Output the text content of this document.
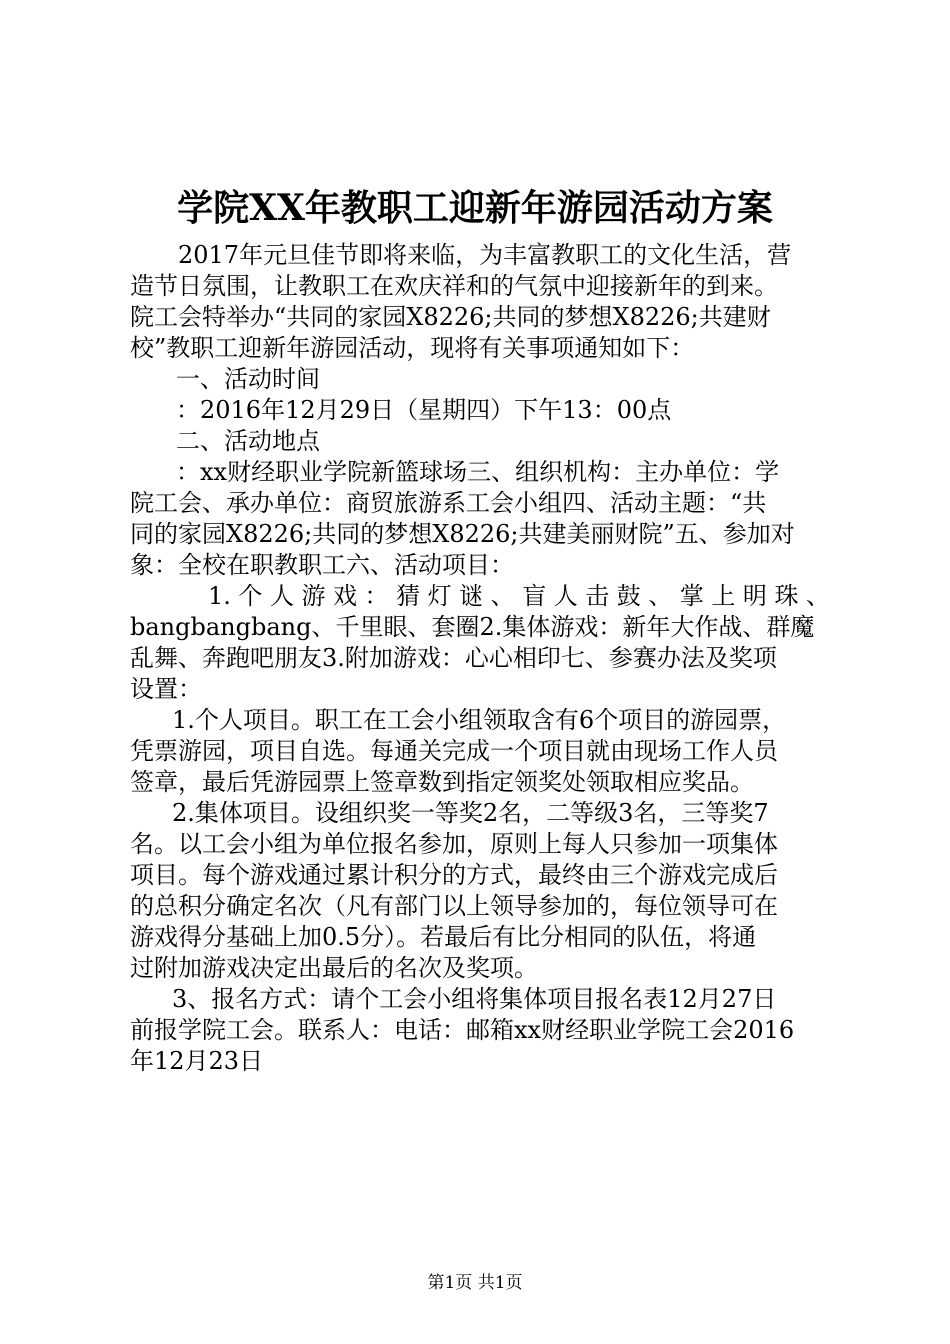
学院XX年教职工迎新年游园活动方案
2017年元旦佳节即将来临，为丰富教职工的文化生活，营
造节日氛围，让教职工在欢庆祥和的气氛中迎接新年的到来。
院工会特举办“共同的家园X8226;共同的梦想X8226;共建财
校”教职工迎新年游园活动，现将有关事项通知如下：
一、活动时间
：2016年12月29日（星期四）下午13：00点
二、活动地点
：xx财经职业学院新篮球场三、组织机构：主办单位：学
院工会、承办单位：商贸旅游系工会小组四、活动主题：“共
同的家园X8226;共同的梦想X8226;共建美丽财院”五、参加对
象：全校在职教职工六、活动项目：
1.个人游戏：猜灯谜、盲人击鼓、掌上明珠、
bangbangbang、千里眼、套圈2.集体游戏：新年大作战、群魔
乱舞、奔跑吧朋友3.附加游戏：心心相印七、参赛办法及奖项
设置：
1.个人项目。职工在工会小组领取含有6个项目的游园票，
凭票游园，项目自选。每通关完成一个项目就由现场工作人员
签章，最后凭游园票上签章数到指定领奖处领取相应奖品。
2.集体项目。设组织奖一等奖2名，二等级3名，三等奖7
名。以工会小组为单位报名参加，原则上每人只参加一项集体
项目。每个游戏通过累计积分的方式，最终由三个游戏完成后
的总积分确定名次（凡有部门以上领导参加的，每位领导可在
游戏得分基础上加0.5分）。若最后有比分相同的队伍，将通
过附加游戏决定出最后的名次及奖项。
3、报名方式：请个工会小组将集体项目报名表12月27日
前报学院工会。联系人：电话：邮箱xx财经职业学院工会2016
年12月23日
第1页 共1页
